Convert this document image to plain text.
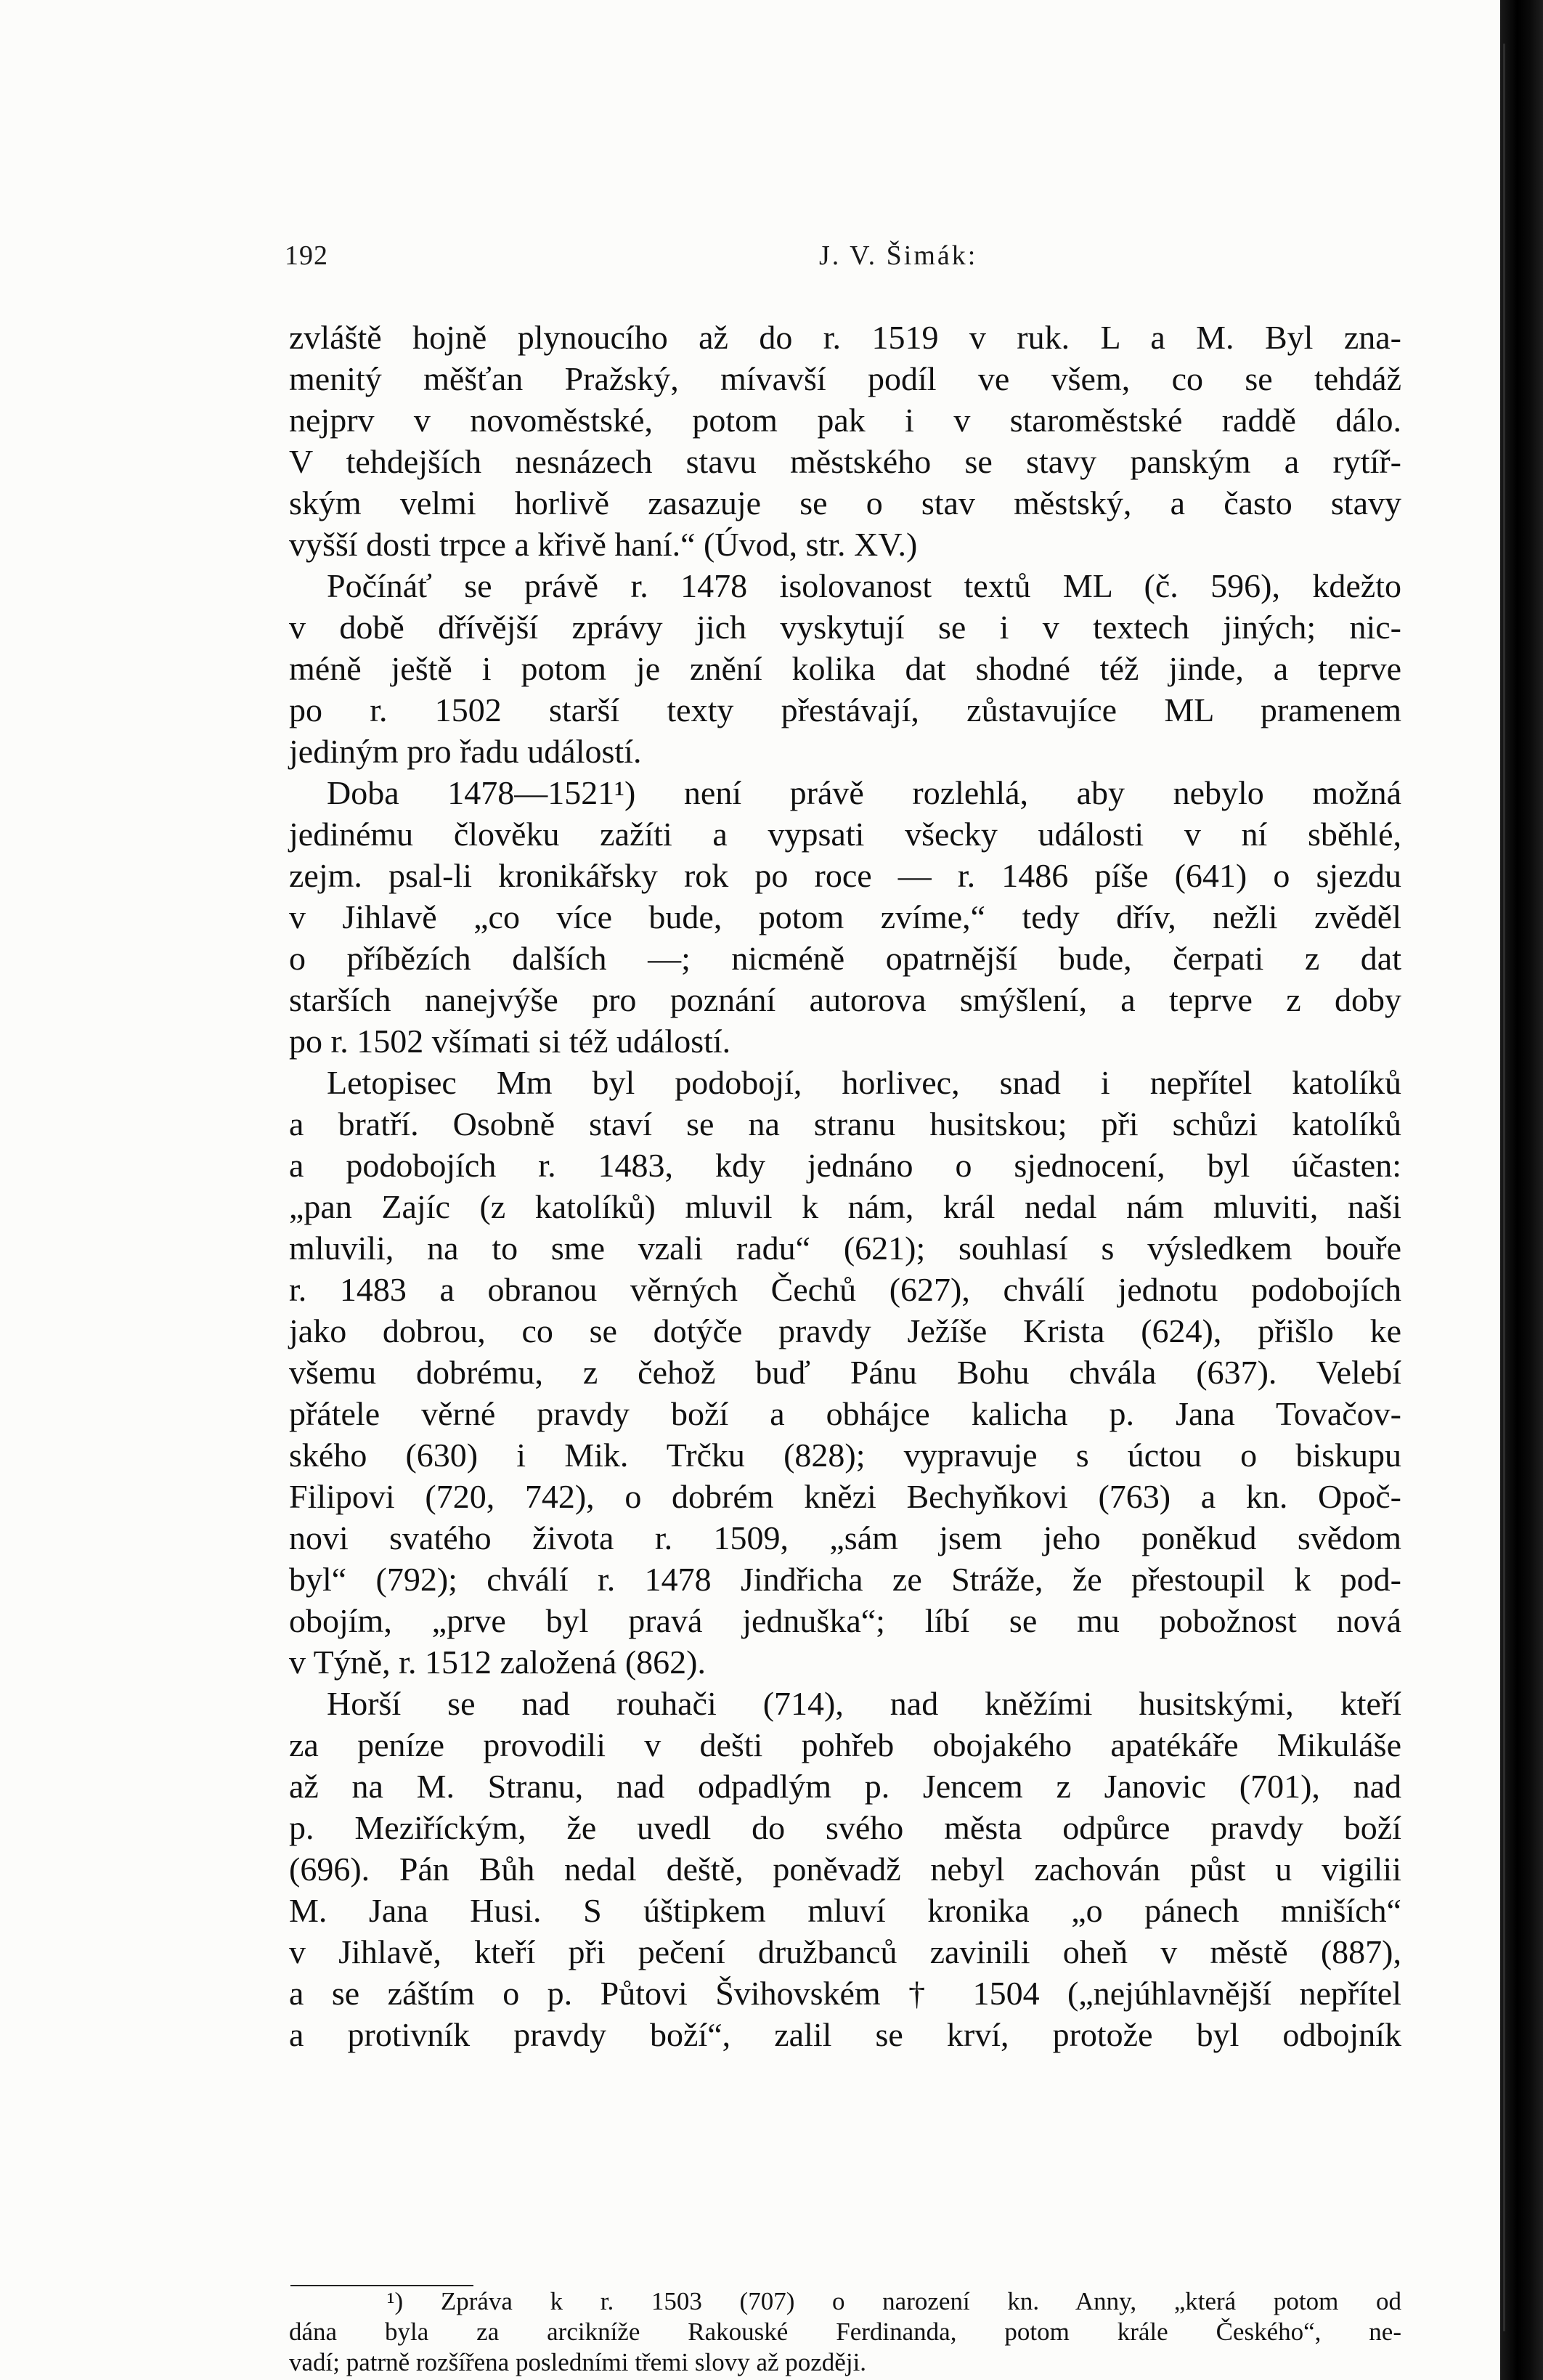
192	J. V. Šimák:
zvláště hojně plynoucího až do r. 1519 v ruk. L a M. Byl zna-
menitý měšťan Pražský, mívavší podíl ve všem, co se tehdáž
nejprv v novoměstské, potom pak i v staroměstské raddě dálo.
V tehdejších nesnázech stavu městského se stavy panským a rytíř-
ským velmi horlivě zasazuje se o stav městský, a často stavy
vyšší dosti trpce a křivě haní.“ (Úvod, str. XV.)
Počínáť se právě r. 1478 isolovanost textů ML (č. 596), kdežto
v době dřívější zprávy jich vyskytují se i v textech jiných; nic-
méně ještě i potom je znění kolika dat shodné též jinde, a teprve
po r. 1502 starší texty přestávají, zůstavujíce ML pramenem
jediným pro řadu událostí.
Doba 1478—1521¹) není právě rozlehlá, aby nebylo možná
jedinému člověku zažíti a vypsati všecky události v ní sběhlé,
zejm. psal-li kronikářsky rok po roce — r. 1486 píše (641) o sjezdu
v Jihlavě „co více bude, potom zvíme,“ tedy dřív, nežli zvěděl
o příbězích dalších —; nicméně opatrnější bude, čerpati z dat
starších nanejvýše pro poznání autorova smýšlení, a teprve z doby
po r. 1502 všímati si též událostí.
Letopisec Mm byl podobojí, horlivec, snad i nepřítel katolíků
a bratří. Osobně staví se na stranu husitskou; při schůzi katolíků
a podobojích r. 1483, kdy jednáno o sjednocení, byl účasten:
„pan Zajíc (z katolíků) mluvil k nám, král nedal nám mluviti, naši
mluvili, na to sme vzali radu“ (621); souhlasí s výsledkem bouře
r. 1483 a obranou věrných Čechů (627), chválí jednotu podobojích
jako dobrou, co se dotýče pravdy Ježíše Krista (624), přišlo ke
všemu dobrému, z čehož buď Pánu Bohu chvála (637). Velebí
přátele věrné pravdy boží a obhájce kalicha p. Jana Tovačov-
ského (630) i Mik. Trčku (828); vypravuje s úctou o biskupu
Filipovi (720, 742), o dobrém knězi Bechyňkovi (763) a kn. Opoč-
novi svatého života r. 1509, „sám jsem jeho poněkud svědom
byl“ (792); chválí r. 1478 Jindřicha ze Stráže, že přestoupil k pod-
obojím, „prve byl pravá jednuška“; líbí se mu pobožnost nová
v Týně, r. 1512 založená (862).
Horší se nad rouhači (714), nad kněžími husitskými, kteří
za peníze provodili v dešti pohřeb obojakého apatékáře Mikuláše
až na M. Stranu, nad odpadlým p. Jencem z Janovic (701), nad
p. Meziříckým, že uvedl do svého města odpůrce pravdy boží
(696). Pán Bůh nedal deště, poněvadž nebyl zachován půst u vigilii
M. Jana Husi. S úštipkem mluví kronika „o pánech mniších“
v Jihlavě, kteří při pečení družbanců zavinili oheň v městě (887),
a se záštím o p. Půtovi Švihovském † 1504 („nejúhlavnější nepřítel
a protivník pravdy boží“, zalil se krví, protože byl odbojník
¹) Zpráva k r. 1503 (707) o narození kn. Anny, „která potom od
dána byla za arcikníže Rakouské Ferdinanda, potom krále Českého“, ne-
vadí; patrně rozšířena posledními třemi slovy až později.
